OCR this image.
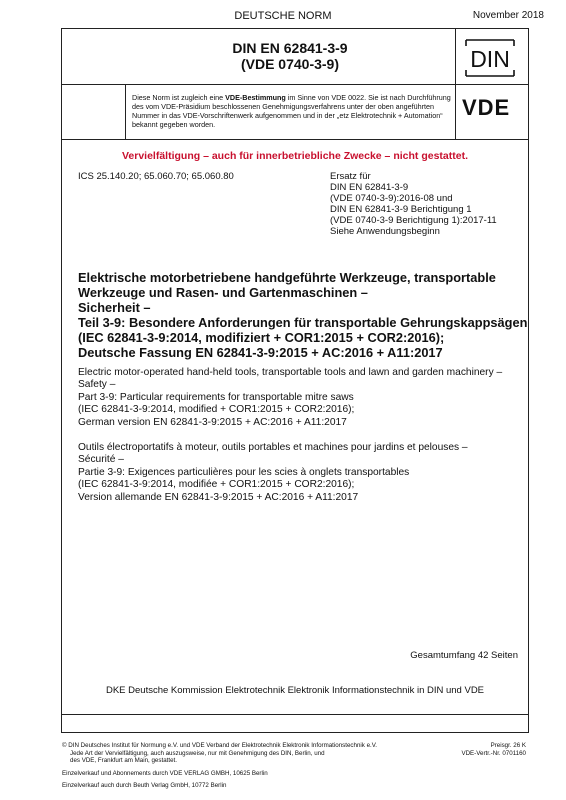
DEUTSCHE NORM	November 2018
DIN EN 62841-3-9
(VDE 0740-3-9)	DIN
VDE
Diese Norm ist zugleich eine VDE-Bestimmung im Sinne von VDE 0022. Sie ist nach Durchführung des vom VDE-Präsidium beschlossenen Genehmigungsverfahrens unter der oben angeführten Nummer in das VDE-Vorschriftenwerk aufgenommen und in der „etz Elektrotechnik + Automation“ bekannt gegeben worden.
Vervielfältigung – auch für innerbetriebliche Zwecke – nicht gestattet.
ICS 25.140.20; 65.060.70; 65.060.80	Ersatz für
DIN EN 62841-3-9
(VDE 0740-3-9):2016-08 und
DIN EN 62841-3-9 Berichtigung 1
(VDE 0740-3-9 Berichtigung 1):2017-11
Siehe Anwendungsbeginn
Elektrische motorbetriebene handgeführte Werkzeuge, transportable
Werkzeuge und Rasen- und Gartenmaschinen –
Sicherheit –
Teil 3-9: Besondere Anforderungen für transportable Gehrungskappsägen
(IEC 62841-3-9:2014, modifiziert + COR1:2015 + COR2:2016);
Deutsche Fassung EN 62841-3-9:2015 + AC:2016 + A11:2017
Electric motor-operated hand-held tools, transportable tools and lawn and garden machinery –
Safety –
Part 3-9: Particular requirements for transportable mitre saws
(IEC 62841-3-9:2014, modified + COR1:2015 + COR2:2016);
German version EN 62841-3-9:2015 + AC:2016 + A11:2017
Outils électroportatifs à moteur, outils portables et machines pour jardins et pelouses –
Sécurité –
Partie 3-9: Exigences particulières pour les scies à onglets transportables
(IEC 62841-3-9:2014, modifiée + COR1:2015 + COR2:2016);
Version allemande EN 62841-3-9:2015 + AC:2016 + A11:2017
Gesamtumfang 42 Seiten
DKE Deutsche Kommission Elektrotechnik Elektronik Informationstechnik in DIN und VDE
© DIN Deutsches Institut für Normung e.V. und VDE Verband der Elektrotechnik Elektronik Informationstechnik e.V.
Jede Art der Vervielfältigung, auch auszugsweise, nur mit Genehmigung des DIN, Berlin, und
des VDE, Frankfurt am Main, gestattet.
Preisgr. 26 K
VDE-Vertr.-Nr. 0701160
Einzelverkauf und Abonnements durch VDE VERLAG GMBH, 10625 Berlin
Einzelverkauf auch durch Beuth Verlag GmbH, 10772 Berlin
